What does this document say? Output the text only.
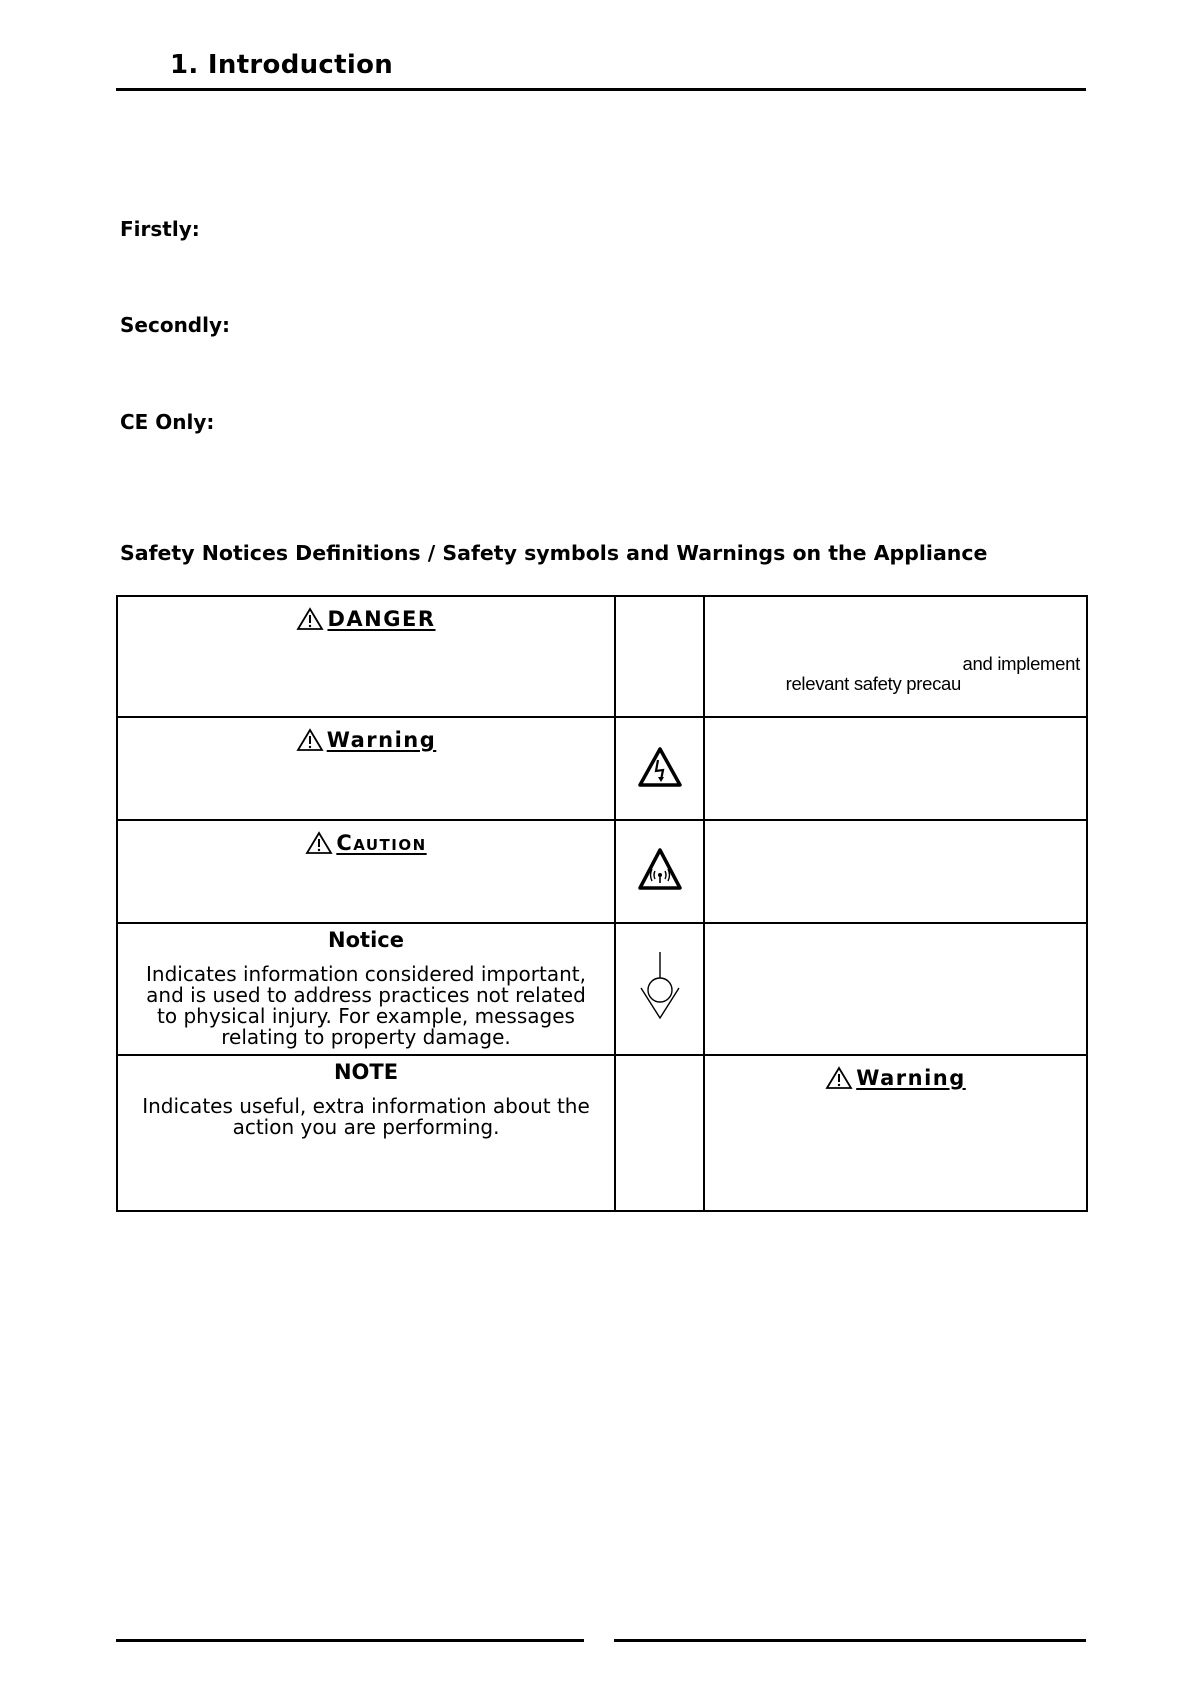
1. Introduction
Firstly:
Secondly:
CE Only:
Safety Notices Definitions / Safety symbols and Warnings on the Appliance
DANGER		and implement
relevant safety precau

Warning

Caution

Notice
Indicates information considered important,
and is used to address practices not related
to physical injury. For example, messages
relating to property damage.

NOTE
Indicates useful, extra information about the
action you are performing.		Warning
